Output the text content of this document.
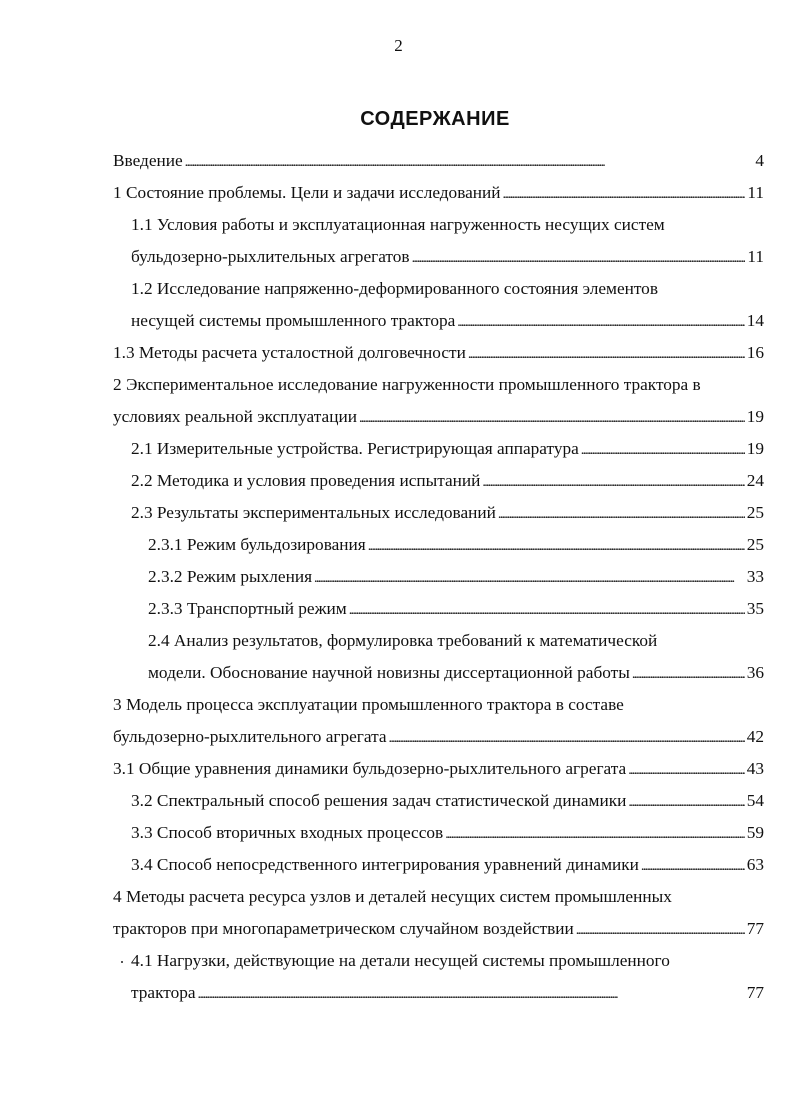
2
СОДЕРЖАНИЕ
Введение . . .	4
1 Состояние проблемы. Цели и задачи исследований . . .	11
1.1 Условия работы и эксплуатационная нагруженность несущих систем
бульдозерно-рыхлительных агрегатов . . .	11
1.2 Исследование напряженно-деформированного состояния элементов
несущей системы промышленного трактора . . .	14
1.3 Методы расчета усталостной долговечности . . .	16
2 Экспериментальное исследование нагруженности промышленного трактора в
условиях реальной эксплуатации . . .	19
2.1 Измерительные устройства. Регистрирующая аппаратура . . .	19
2.2 Методика и условия проведения испытаний . . .	24
2.3 Результаты экспериментальных исследований . . .	25
2.3.1 Режим бульдозирования . . .	25
2.3.2 Режим рыхления . . .	33
2.3.3 Транспортный режим . . .	35
2.4 Анализ результатов, формулировка требований к математической
модели. Обоснование научной новизны диссертационной работы . . .	36
3 Модель процесса эксплуатации промышленного трактора в составе
бульдозерно-рыхлительного агрегата . . .	42
3.1 Общие уравнения динамики бульдозерно-рыхлительного агрегата . . .	43
3.2 Спектральный способ решения задач статистической динамики . . .	54
3.3 Способ вторичных входных процессов . . .	59
3.4 Способ непосредственного интегрирования уравнений динамики . . .	63
4 Методы расчета ресурса узлов и деталей несущих систем промышленных
тракторов при многопараметрическом случайном воздействии . . .	77
4.1 Нагрузки, действующие на детали несущей системы промышленного
трактора . . .	77
